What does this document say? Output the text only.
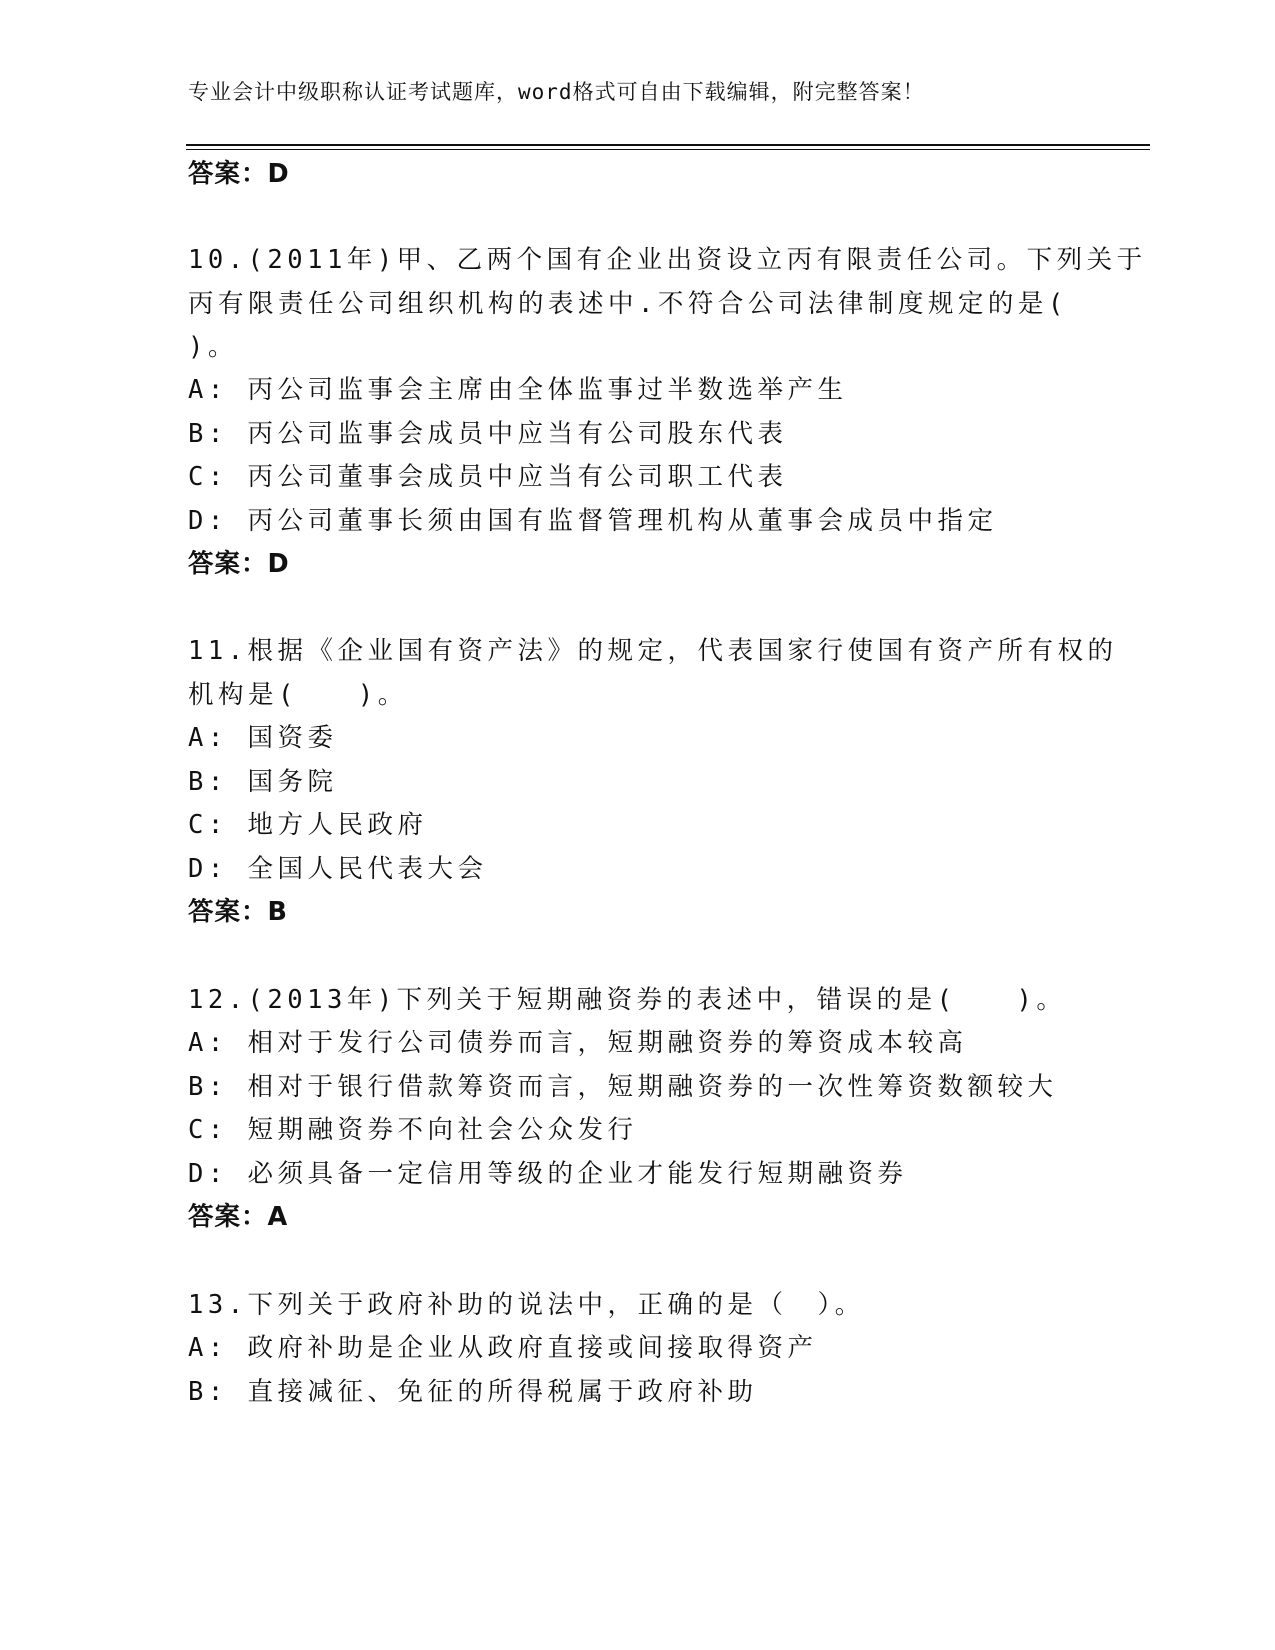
专业会计中级职称认证考试题库，word格式可自由下载编辑，附完整答案！
答案：D
10.(2011年)甲、乙两个国有企业出资设立丙有限责任公司。下列关于
丙有限责任公司组织机构的表述中.不符合公司法律制度规定的是(
)。
A: 丙公司监事会主席由全体监事过半数选举产生
B: 丙公司监事会成员中应当有公司股东代表
C: 丙公司董事会成员中应当有公司职工代表
D: 丙公司董事长须由国有监督管理机构从董事会成员中指定
答案：D
11.根据《企业国有资产法》的规定，代表国家行使国有资产所有权的
机构是(　　)。
A: 国资委
B: 国务院
C: 地方人民政府
D: 全国人民代表大会
答案：B
12.(2013年)下列关于短期融资券的表述中，错误的是(　　)。
A: 相对于发行公司债券而言，短期融资券的筹资成本较高
B: 相对于银行借款筹资而言，短期融资券的一次性筹资数额较大
C: 短期融资券不向社会公众发行
D: 必须具备一定信用等级的企业才能发行短期融资券
答案：A
13.下列关于政府补助的说法中，正确的是（　）。
A: 政府补助是企业从政府直接或间接取得资产
B: 直接减征、免征的所得税属于政府补助
